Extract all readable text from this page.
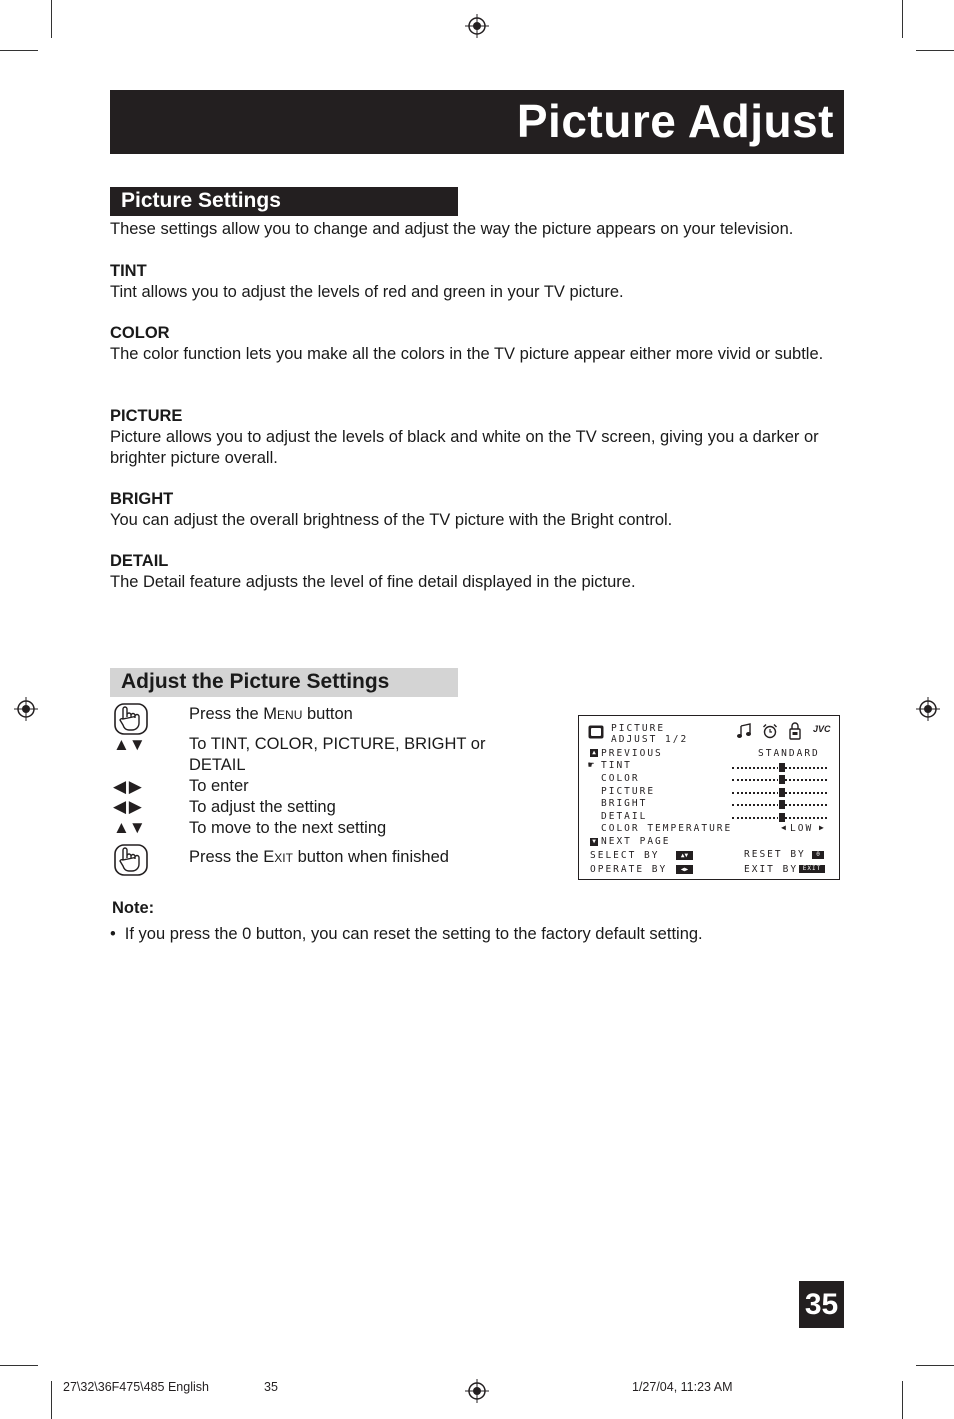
Picture Adjust
Picture Settings
These settings allow you to change and adjust the way the picture appears on your television.
TINT
Tint allows you to adjust the levels of red and green in your TV picture.
COLOR
The color function lets you make all the colors in the TV picture appear either more vivid or subtle.
PICTURE
Picture allows you to adjust the levels of black and white on the TV screen, giving you a darker or brighter picture overall.
BRIGHT
You can adjust the overall brightness of the TV picture with the Bright control.
DETAIL
The Detail feature adjusts the level of fine detail displayed in the picture.
Adjust the Picture Settings
Press the Menu button
▲▼	To TINT, COLOR, PICTURE, BRIGHT or
DETAIL
◀ ▶	To enter
◀ ▶	To adjust the setting
▲▼	To move to the next setting
Press the Exit button when finished
PICTURE
ADJUST 1/2
JVC
▲ PREVIOUS	STANDARD
☛ TINT
COLOR
PICTURE
BRIGHT
DETAIL
COLOR TEMPERATURE	◀ LOW ▶
▼ NEXT PAGE
SELECT BY	▲▼	RESET BY	0
OPERATE BY	◀▶	EXIT BY EXIT
Note:
• If you press the 0 button, you can reset the setting to the factory default setting.
35
27\32\36F475\485 English	35	1/27/04, 11:23 AM
